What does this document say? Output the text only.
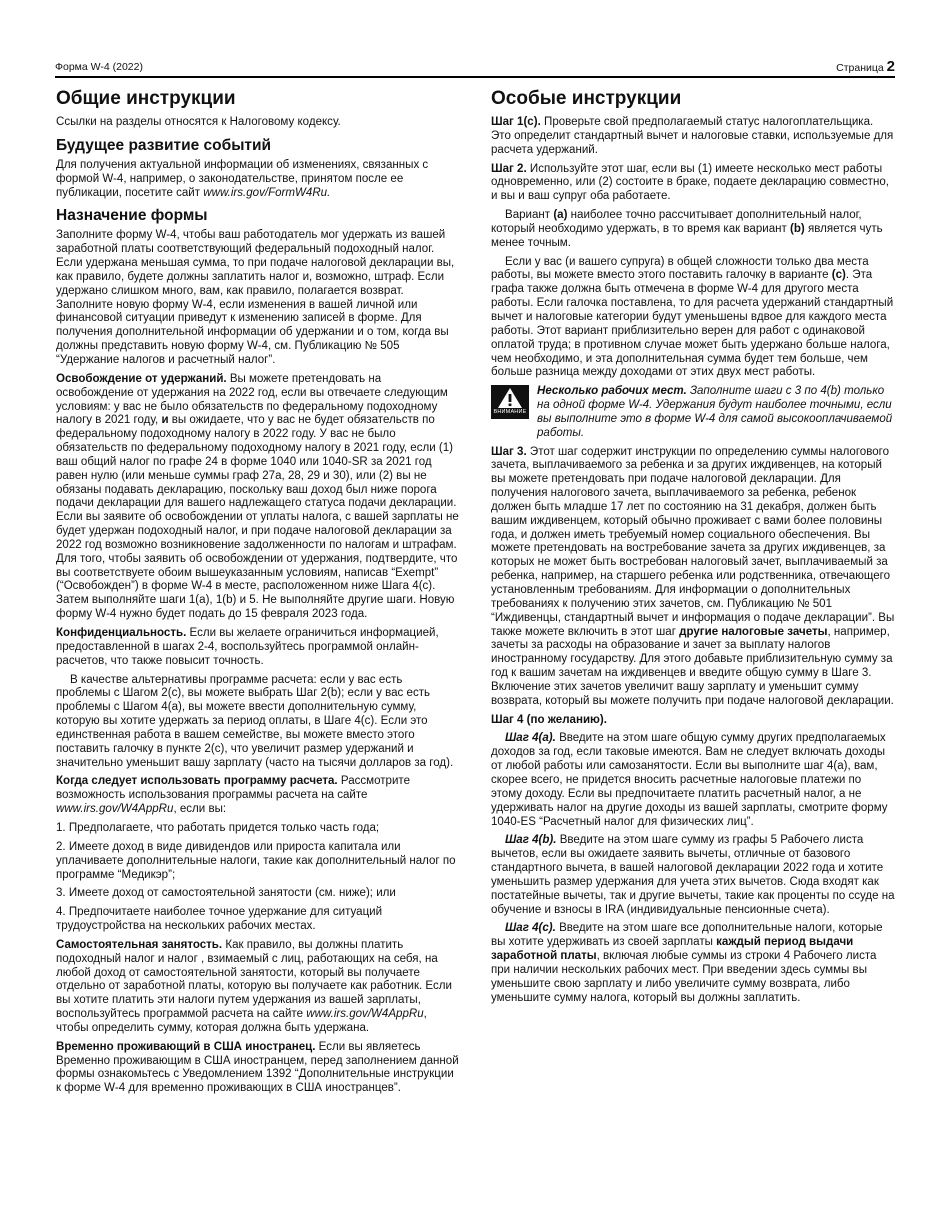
Форма W-4 (2022)	Страница 2
Общие инструкции

Ссылки на разделы относятся к Налоговому кодексу.

Будущее развитие событий

Для получения актуальной информации об изменениях, связанных с формой W-4, например, о законодательстве, принятом после ее публикации, посетите сайт www.irs.gov/FormW4Ru.

Назначение формы

Заполните форму W-4, чтобы ваш работодатель мог удержать из вашей заработной платы соответствующий федеральный подоходный налог. Если удержана меньшая сумма, то при подаче налоговой декларации вы, как правило, будете должны заплатить налог и, возможно, штраф. Если удержано слишком много, вам, как правило, полагается возврат. Заполните новую форму W-4, если изменения в вашей личной или финансовой ситуации приведут к изменению записей в форме. Для получения дополнительной информации об удержании и о том, когда вы должны представить новую форму W-4, см. Публикацию № 505 “Удержание налогов и расчетный налог”.

Освобождение от удержаний. Вы можете претендовать на освобождение от удержания на 2022 год, если вы отвечаете следующим условиям: у вас не было обязательств по федеральному подоходному налогу в 2021 году, и вы ожидаете, что у вас не будет обязательств по федеральному подоходному налогу в 2022 году. У вас не было обязательств по федеральному подоходному налогу в 2021 году, если (1) ваш общий налог по графе 24 в форме 1040 или 1040-SR за 2021 год равен нулю (или меньше суммы граф 27а, 28, 29 и 30), или (2) вы не обязаны подавать декларацию, поскольку ваш доход был ниже порога подачи декларации для вашего надлежащего статуса подачи декларации. Если вы заявите об освобождении от уплаты налога, с вашей зарплаты не будет удержан подоходный налог, и при подаче налоговой декларации за 2022 год возможно возникновение задолженности по налогам и штрафам. Для того, чтобы заявить об освобождении от удержания, подтвердите, что вы соответствуете обоим вышеуказанным условиям, написав “Exempt” (“Освобожден”) в форме W-4 в месте, расположенном ниже Шага 4(c). Затем выполняйте шаги 1(a), 1(b) и 5. Не выполняйте другие шаги. Новую форму W-4 нужно будет подать до 15 февраля 2023 года.

Конфиденциальность. Если вы желаете ограничиться информацией, предоставленной в шагах 2-4, воспользуйтесь программой онлайн-расчетов, что также повысит точность.

В качестве альтернативы программе расчета: если у вас есть проблемы с Шагом 2(c), вы можете выбрать Шаг 2(b); если у вас есть проблемы с Шагом 4(a), вы можете ввести дополнительную сумму, которую вы хотите удержать за период оплаты, в Шаге 4(c). Если это единственная работа в вашем семействе, вы можете вместо этого поставить галочку в пункте 2(c), что увеличит размер удержаний и значительно уменьшит вашу зарплату (часто на тысячи долларов за год).

Когда следует использовать программу расчета. Рассмотрите возможность использования программы расчета на сайте www.irs.gov/W4AppRu, если вы:

1. Предполагаете, что работать придется только часть года;

2. Имеете доход в виде дивидендов или прироста капитала или уплачиваете дополнительные налоги, такие как дополнительный налог по программе “Медикэр”;

3. Имеете доход от самостоятельной занятости (см. ниже); или

4. Предпочитаете наиболее точное удержание для ситуаций трудоустройства на нескольких рабочих местах.

Самостоятельная занятость. Как правило, вы должны платить подоходный налог и налог , взимаемый с лиц, работающих на себя, на любой доход от самостоятельной занятости, который вы получаете отдельно от заработной платы, которую вы получаете как работник. Если вы хотите платить эти налоги путем удержания из вашей зарплаты, воспользуйтесь программой расчета на сайте www.irs.gov/W4AppRu, чтобы определить сумму, которая должна быть удержана.

Временно проживающий в США иностранец. Если вы являетесь Временно проживающим в США иностранцем, перед заполнением данной формы ознакомьтесь с Уведомлением 1392 “Дополнительные инструкции к форме W-4 для временно проживающих в США иностранцев”.

Особые инструкции

Шаг 1(c). Проверьте свой предполагаемый статус налогоплательщика. Это определит стандартный вычет и налоговые ставки, используемые для расчета удержаний.

Шаг 2. Используйте этот шаг, если вы (1) имеете несколько мест работы одновременно, или (2) состоите в браке, подаете декларацию совместно, и вы и ваш супруг оба работаете.

Вариант (a) наиболее точно рассчитывает дополнительный налог, который необходимо удержать, в то время как вариант (b) является чуть менее точным.

Если у вас (и вашего супруга) в общей сложности только два места работы, вы можете вместо этого поставить галочку в варианте (c). Эта графа также должна быть отмечена в форме W-4 для другого места работы. Если галочка поставлена, то для расчета удержаний стандартный вычет и налоговые категории будут уменьшены вдвое для каждого места работы. Этот вариант приблизительно верен для работ с одинаковой оплатой труда; в противном случае может быть удержано больше налога, чем необходимо, и эта дополнительная сумма будет тем больше, чем больше разница между доходами от этих двух мест работы.

ВНИМАНИЕ
Несколько рабочих мест. Заполните шаги с 3 по 4(b) только на одной форме W-4. Удержания будут наиболее точными, если вы выполните это в форме W-4 для самой высокооплачиваемой работы.

Шаг 3. Этот шаг содержит инструкции по определению суммы налогового зачета, выплачиваемого за ребенка и за других иждивенцев, на который вы можете претендовать при подаче налоговой декларации. Для получения налогового зачета, выплачиваемого за ребенка, ребенок должен быть младше 17 лет по состоянию на 31 декабря, должен быть вашим иждивенцем, который обычно проживает с вами более половины года, и должен иметь требуемый номер социального обеспечения. Вы можете претендовать на востребование зачета за других иждивенцев, за которых не может быть востребован налоговый зачет, выплачиваемый за ребенка, например, на старшего ребенка или родственника, отвечающего установленным требованиям. Для информации о дополнительных требованиях к получению этих зачетов, см. Публикацию № 501 “Иждивенцы, стандартный вычет и информация о подаче декларации”. Вы также можете включить в этот шаг другие налоговые зачеты, например, зачеты за расходы на образование и зачет за выплату налогов иностранному государству. Для этого добавьте приблизительную сумму за год к вашим зачетам на иждивенцев и введите общую сумму в Шаге 3. Включение этих зачетов увеличит вашу зарплату и уменьшит сумму возврата, который вы можете получить при подаче налоговой декларации.

Шаг 4 (по желанию).

Шаг 4(a). Введите на этом шаге общую сумму других предполагаемых доходов за год, если таковые имеются. Вам не следует включать доходы от любой работы или самозанятости. Если вы выполните шаг 4(a), вам, скорее всего, не придется вносить расчетные налоговые платежи по этому доходу. Если вы предпочитаете платить расчетный налог, а не удерживать налог на другие доходы из вашей зарплаты, смотрите форму 1040-ES “Расчетный налог для физических лиц”.

Шаг 4(b). Введите на этом шаге сумму из графы 5 Рабочего листа вычетов, если вы ожидаете заявить вычеты, отличные от базового стандартного вычета, в вашей налоговой декларации 2022 года и хотите уменьшить размер удержания для учета этих вычетов. Сюда входят как постатейные вычеты, так и другие вычеты, такие как проценты по ссуде на обучение и взносы в IRA (индивидуальные пенсионные счета).

Шаг 4(c). Введите на этом шаге все дополнительные налоги, которые вы хотите удерживать из своей зарплаты каждый период выдачи заработной платы, включая любые суммы из строки 4 Рабочего листа при наличии нескольких рабочих мест. При введении здесь суммы вы уменьшите свою зарплату и либо увеличите сумму возврата, либо уменьшите сумму налога, который вы должны заплатить.
